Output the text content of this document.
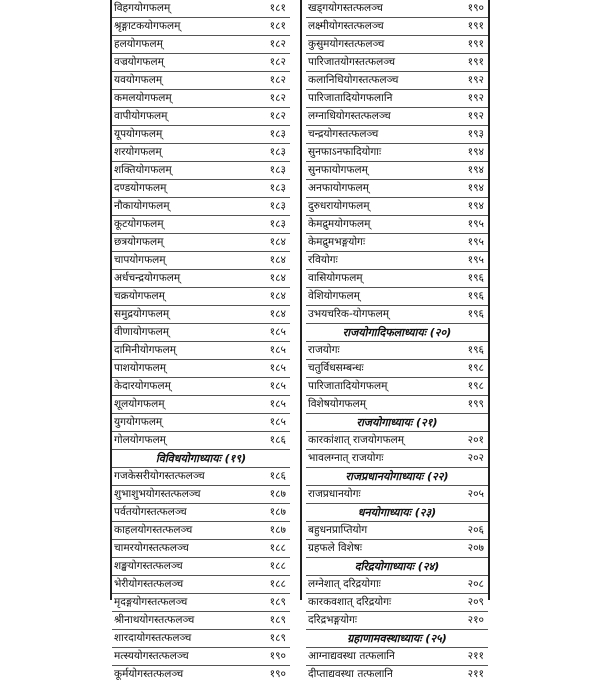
विहगयोगफलम्	१८१
श्रृङ्गाटकयोगफलम्	१८१
हलयोगफलम्	१८२
वज्रयोगफलम्	१८२
यवयोगफलम्	१८२
कमलयोगफलम्	१८२
वापीयोगफलम्	१८२
यूपयोगफलम्	१८३
शरयोगफलम्	१८३
शक्तियोगफलम्	१८३
दण्डयोगफलम्	१८३
नौकायोगफलम्	१८३
कूटयोगफलम्	१८३
छत्रयोगफलम्	१८४
चापयोगफलम्	१८४
अर्धचन्द्रयोगफलम्	१८४
चक्रयोगफलम्	१८४
समुद्रयोगफलम्	१८४
वीणायोगफलम्	१८५
दामिनीयोगफलम्	१८५
पाशयोगफलम्	१८५
केदारयोगफलम्	१८५
शूलयोगफलम्	१८५
युगयोगफलम्	१८५
गोलयोगफलम्	१८६
विविधयोगाध्यायः (१९)
गजकेसरीयोगस्तत्फलञ्च	१८६
शुभाशुभयोगस्तत्फलञ्च	१८७
पर्वतयोगस्तत्फलञ्च	१८७
काहलयोगस्तत्फलञ्च	१८७
चामरयोगस्तत्फलञ्च	१८८
शङ्खयोगस्तत्फलञ्च	१८८
भेरीयोगस्तत्फलञ्च	१८८
मृदङ्गयोगस्तत्फलञ्च	१८९
श्रीनाथयोगस्तत्फलञ्च	१८९
शारदायोगस्तत्फलञ्च	१८९
मत्स्ययोगस्तत्फलञ्च	१९०
कूर्मयोगस्तत्फलञ्च	१९०
खड्गयोगस्तत्फलञ्च	१९०
लक्ष्मीयोगस्तत्फलञ्च	१९१
कुसुमयोगस्तत्फलञ्च	१९१
पारिजातयोगस्तत्फलञ्च	१९१
कलानिधियोगस्तत्फलञ्च	१९२
पारिजातादियोगफलानि	१९२
लग्नाधियोगस्तत्फलञ्च	१९२
चन्द्रयोगस्तत्फलञ्च	१९३
सुनफाऽनफादियोगाः	१९४
सुनफायोगफलम्	१९४
अनफायोगफलम्	१९४
दुरुधरायोगफलम्	१९४
केमद्रुमयोगफलम्	१९५
केमद्रुमभङ्गयोगः	१९५
रवियोगः	१९५
वासियोगफलम्	१९६
वेशियोगफलम्	१९६
उभयचरिक-योगफलम्	१९६
राजयोगादिफलाध्यायः (२०)
राजयोगः	१९६
चतुर्विधसम्बन्धः	१९८
पारिजातादियोगफलम्	१९८
विशेषयोगफलम्	१९९
राजयोगाध्यायः (२१)
कारकांशात् राजयोगफलम्	२०१
भावलग्नात् राजयोगः	२०२
राजप्रधानयोगाध्यायः (२२)
राजप्रधानयोगः	२०५
धनयोगाध्यायः (२३)
बहुधनप्राप्तियोग	२०६
ग्रहफले विशेषः	२०७
दरिद्रयोगाध्यायः (२४)
लग्नेशात् दरिद्रयोगाः	२०८
कारकवशात् दरिद्रयोगः	२०९
दरिद्रभङ्गयोगः	२१०
ग्रहाणामवस्थाध्यायः (२५)
आग्नाद्यवस्था तत्फलानि	२११
दीप्ताद्यवस्था तत्फलानि	२११
